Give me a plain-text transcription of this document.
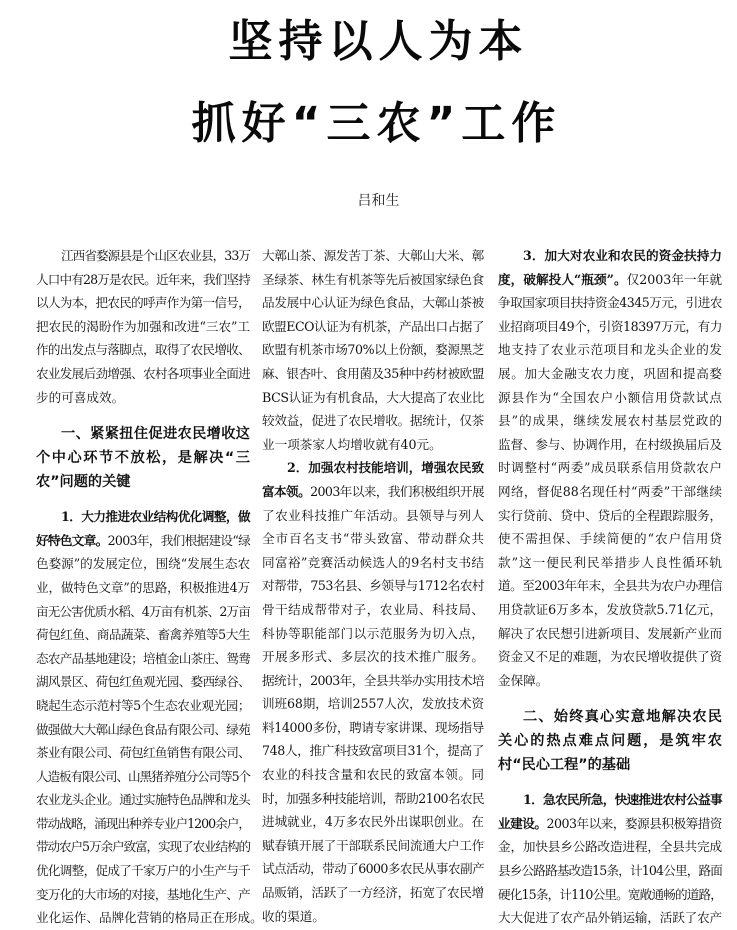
坚持以人为本
抓好“三农”工作
吕和生
江西省婺源县是个山区农业县，33万
人口中有28万是农民。近年来，我们坚持
以人为本，把农民的呼声作为第一信号，
把农民的渴盼作为加强和改进“三农”工
作的出发点与落脚点，取得了农民增收、
农业发展后劲增强、农村各项事业全面进
步的可喜成效。
一、紧紧扭住促进农民增收这
个中心环节不放松，是解决“三
农”问题的关键
1．大力推进农业结构优化调整，做
好特色文章。2003年，我们根据建设“绿
色婺源”的发展定位，围绕“发展生态农
业，做特色文章”的思路，积极推进4万
亩无公害优质水稻、4万亩有机茶、2万亩
荷包红鱼、商品蔬菜、畜禽养殖等5大生
态农产品基地建设；培植金山茶庄、鸳鸯
湖风景区、荷包红鱼观光园、婺西绿谷、
晓起生态示范村等5个生态农业观光园；
做强做大大鄣山绿色食品有限公司、绿苑
茶业有限公司、荷包红鱼销售有限公司、
人造板有限公司、山黑猪养殖分公司等5个
农业龙头企业。通过实施特色品牌和龙头
带动战略，涌现出种养专业户1200余户，
带动农户5万余户致富，实现了农业结构的
优化调整，促成了千家万户的小生产与千
变万化的大市场的对接，基地化生产、产
业化运作、品牌化营销的格局正在形成。
大鄣山茶、源发苦丁茶、大鄣山大米、鄣
圣绿茶、林生有机茶等先后被国家绿色食
品发展中心认证为绿色食品，大鄣山茶被
欧盟ECO认证为有机茶，产品出口占据了
欧盟有机茶市场70%以上份额，婺源黑芝
麻、银杏叶、食用菌及35种中药材被欧盟
BCS认证为有机食品，大大提高了农业比
较效益，促进了农民增收。据统计，仅茶
业一项茶家人均增收就有40元。
2．加强农村技能培训，增强农民致
富本领。2003年以来，我们积极组织开展
了农业科技推广年活动。县领导与列人
全市百名支书“带头致富、带动群众共
同富裕”竞赛活动候选人的9名村支书结
对帮带，753名县、乡领导与1712名农村
骨干结成帮带对子，农业局、科技局、
科协等职能部门以示范服务为切入点，
开展多形式、多层次的技术推广服务。
据统计，2003年，全县共举办实用技术培
训班68期，培训2557人次，发放技术资
料14000多份，聘请专家讲课、现场指导
748人，推广科技致富项目31个，提高了
农业的科技含量和农民的致富本领。同
时，加强多种技能培训，帮助2100名农民
进城就业，4万多农民外出谋职创业。在
赋春镇开展了干部联系民间流通大户工作
试点活动，带动了6000多农民从事农副产
品贩销，活跃了一方经济，拓宽了农民增
收的渠道。
3．加大对农业和农民的资金扶持力
度，破解投人“瓶颈”。仅2003年一年就
争取国家项目扶持资金4345万元，引进农
业招商项目49个，引资18397万元，有力
地支持了农业示范项目和龙头企业的发
展。加大金融支农力度，巩固和提高婺
源县作为“全国农户小额信用贷款试点
县”的成果，继续发展农村基层党政的
监督、参与、协调作用，在村级换届后及
时调整村“两委”成员联系信用贷款农户
网络，督促88名现任村“两委”干部继续
实行贷前、贷中、贷后的全程跟踪服务，
使不需担保、手续简便的“农户信用贷
款”这一便民利民举措步人良性循环轨
道。至2003年年末，全县共为农户办理信
用贷款证6万多本，发放贷款5.71亿元，
解决了农民想引进新项目、发展新产业而
资金又不足的难题，为农民增收提供了资
金保障。
二、始终真心实意地解决农民
关心的热点难点问题，是筑牢农
村“民心工程”的基础
1．急农民所急，快速推进农村公益事
业建设。2003年以来，婺源县积极筹措资
金，加快县乡公路改造进程，全县共完成
县乡公路路基改造15条，计104公里，路面
硬化15条，计110公里。宽敞通畅的道路，
大大促进了农产品外销运输，活跃了农产
